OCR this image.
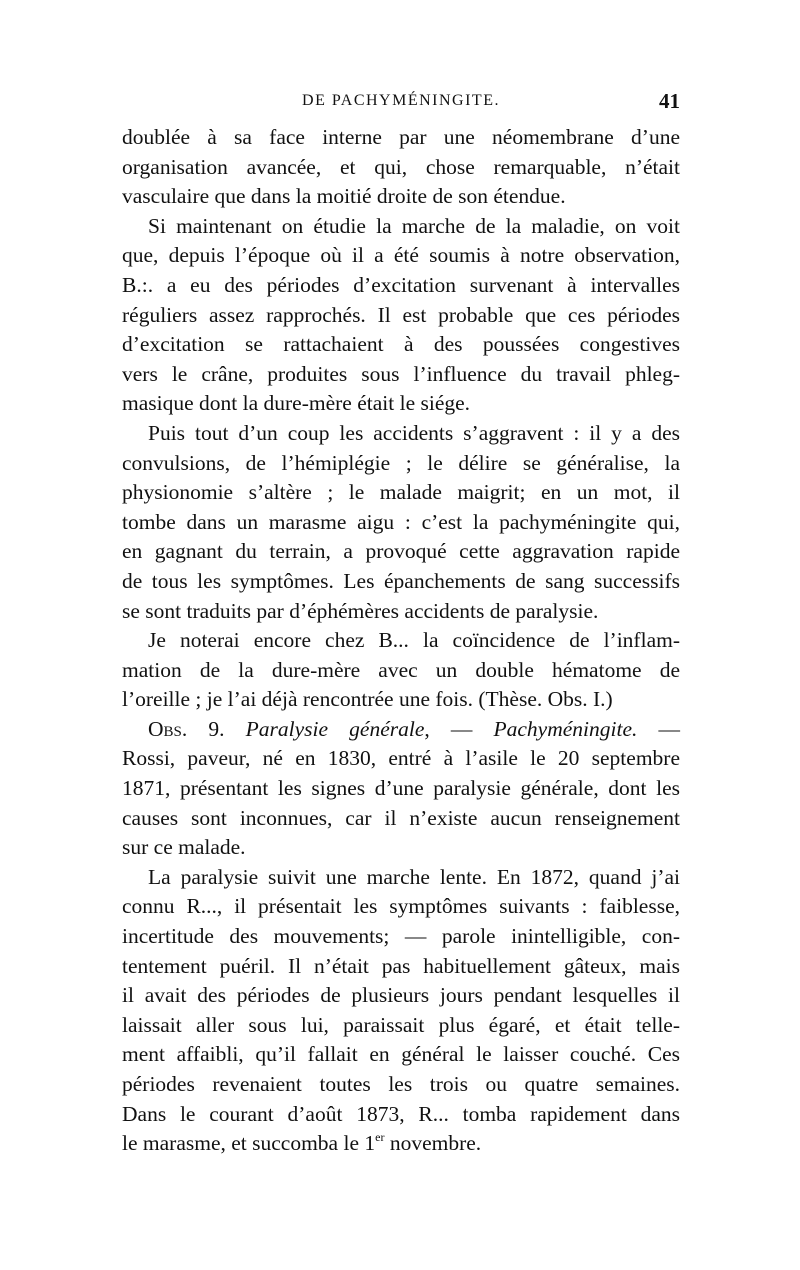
DE PACHYMÉNINGITE.	41
doublée à sa face interne par une néomembrane d’une
organisation avancée, et qui, chose remarquable, n’était
vasculaire que dans la moitié droite de son étendue.
Si maintenant on étudie la marche de la maladie, on voit
que, depuis l’époque où il a été soumis à notre observation,
B.:. a eu des périodes d’excitation survenant à intervalles
réguliers assez rapprochés. Il est probable que ces périodes
d’excitation se rattachaient à des poussées congestives
vers le crâne, produites sous l’influence du travail phleg-
masique dont la dure-mère était le siége.
Puis tout d’un coup les accidents s’aggravent : il y a des
convulsions, de l’hémiplégie ; le délire se généralise, la
physionomie s’altère ; le malade maigrit; en un mot, il
tombe dans un marasme aigu : c’est la pachyméningite qui,
en gagnant du terrain, a provoqué cette aggravation rapide
de tous les symptômes. Les épanchements de sang successifs
se sont traduits par d’éphémères accidents de paralysie.
Je noterai encore chez B... la coïncidence de l’inflam-
mation de la dure-mère avec un double hématome de
l’oreille ; je l’ai déjà rencontrée une fois. (Thèse. Obs. I.)
Obs. 9. Paralysie générale, — Pachyméningite. —
Rossi, paveur, né en 1830, entré à l’asile le 20 septembre
1871, présentant les signes d’une paralysie générale, dont les
causes sont inconnues, car il n’existe aucun renseignement
sur ce malade.
La paralysie suivit une marche lente. En 1872, quand j’ai
connu R..., il présentait les symptômes suivants : faiblesse,
incertitude des mouvements; — parole inintelligible, con-
tentement puéril. Il n’était pas habituellement gâteux, mais
il avait des périodes de plusieurs jours pendant lesquelles il
laissait aller sous lui, paraissait plus égaré, et était telle-
ment affaibli, qu’il fallait en général le laisser couché. Ces
périodes revenaient toutes les trois ou quatre semaines.
Dans le courant d’août 1873, R... tomba rapidement dans
le marasme, et succomba le 1er novembre.
